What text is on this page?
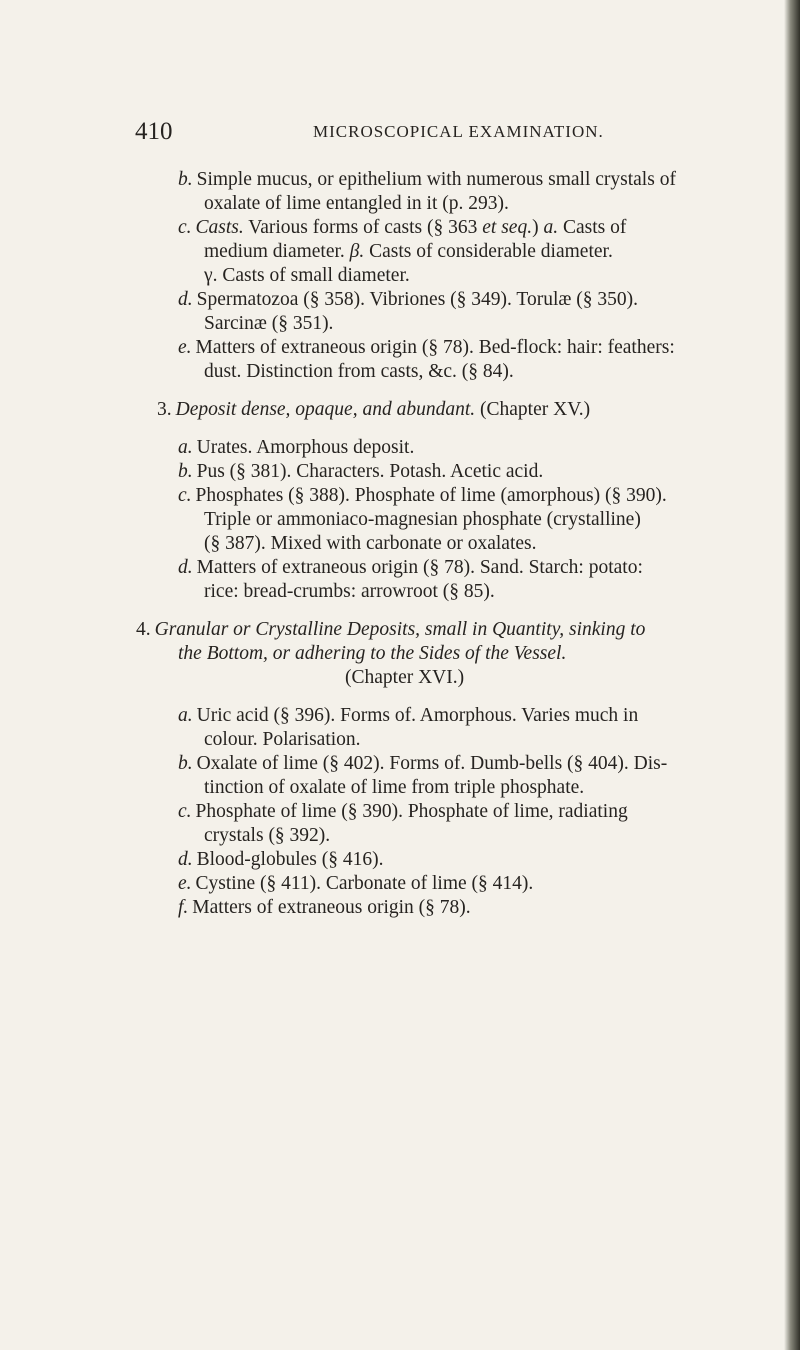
410	MICROSCOPICAL EXAMINATION.
b. Simple mucus, or epithelium with numerous small crystals of
oxalate of lime entangled in it (p. 293).
c. Casts. Various forms of casts (§ 363 et seq.) a. Casts of
medium diameter. β. Casts of considerable diameter.
γ. Casts of small diameter.
d. Spermatozoa (§ 358). Vibriones (§ 349). Torulæ (§ 350).
Sarcinæ (§ 351).
e. Matters of extraneous origin (§ 78). Bed-flock: hair: feathers:
dust. Distinction from casts, &c. (§ 84).
3. Deposit dense, opaque, and abundant. (Chapter XV.)
a. Urates. Amorphous deposit.
b. Pus (§ 381). Characters. Potash. Acetic acid.
c. Phosphates (§ 388). Phosphate of lime (amorphous) (§ 390).
Triple or ammoniaco-magnesian phosphate (crystalline)
(§ 387). Mixed with carbonate or oxalates.
d. Matters of extraneous origin (§ 78). Sand. Starch: potato:
rice: bread-crumbs: arrowroot (§ 85).
4. Granular or Crystalline Deposits, small in Quantity, sinking to
the Bottom, or adhering to the Sides of the Vessel.
(Chapter XVI.)
a. Uric acid (§ 396). Forms of. Amorphous. Varies much in
colour. Polarisation.
b. Oxalate of lime (§ 402). Forms of. Dumb-bells (§ 404). Dis-
tinction of oxalate of lime from triple phosphate.
c. Phosphate of lime (§ 390). Phosphate of lime, radiating
crystals (§ 392).
d. Blood-globules (§ 416).
e. Cystine (§ 411). Carbonate of lime (§ 414).
f. Matters of extraneous origin (§ 78).
